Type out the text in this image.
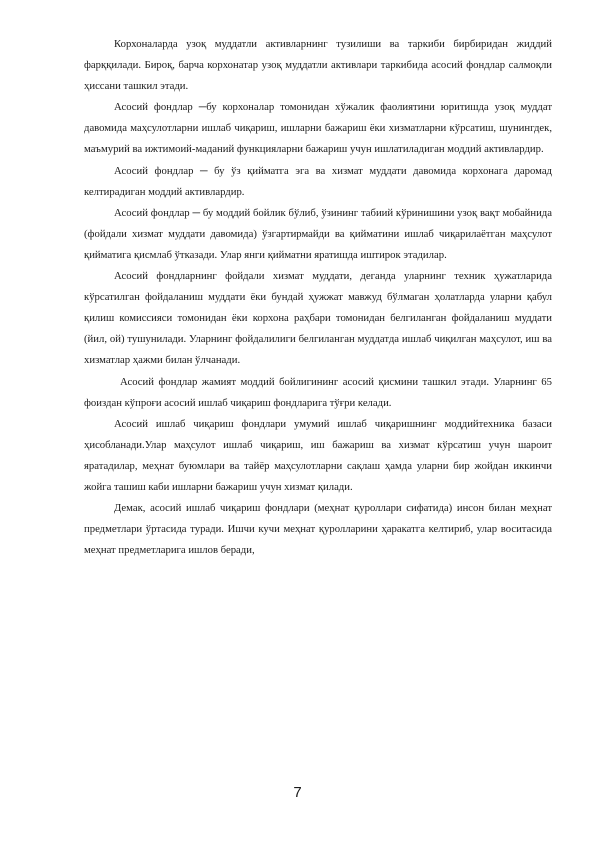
Корхоналарда узоқ муддатли активларнинг тузилиши ва таркиби бирбиридан жиддий фарққилади. Бироқ, барча корхонатар узоқ муддатли активлари таркибида асосий фондлар салмоқли ҳиссани ташкил этади.

Асосий фондлар ─бу корхоналар томонидан хўжалик фаолиятини юритишда узоқ муддат давомида маҳсулотларни ишлаб чиқариш, ишларни бажариш ёки хизматларни кўрсатиш, шунингдек, маъмурий ва ижтимоий-маданий функцияларни бажариш учун ишлатиладиган моддий активлардир.

Асосий фондлар ─ бу ўз қийматга эга ва хизмат муддати давомида корхонага даромад келтирадиган моддий активлардир.

Асосий фондлар ─ бу моддий бойлик бўлиб, ўзининг табиий кўринишини узоқ вақт мобайнида (фойдали хизмат муддати давомида) ўзгартирмайди ва қийматини ишлаб чиқарилаётган маҳсулот қийматига қисмлаб ўтказади. Улар янги қийматни яратишда иштирок этадилар.

Асосий фондларнинг фойдали хизмат муддати, деганда уларнинг техник ҳужатларида кўрсатилган фойдаланиш муддати ёки бундай ҳужжат мавжуд бўлмаган ҳолатларда уларни қабул қилиш комиссияси томонидан ёки корхона раҳбари томонидан белгиланган фойдаланиш муддати (йил, ой) тушунилади. Уларнинг фойдалилиги белгиланган муддатда ишлаб чиқилган маҳсулот, иш ва хизматлар ҳажми билан ўлчанади.

Асосий фондлар жамият моддий бойлигининг асосий қисмини ташкил этади. Уларнинг 65 фоиздан кўпроғи асосий ишлаб чиқариш фондларига тўғри келади.

Асосий ишлаб чиқариш фондлари умумий ишлаб чиқаришнинг моддийтехника базаси ҳисобланади.Улар маҳсулот ишлаб чиқариш, иш бажариш ва хизмат кўрсатиш учун шароит яратадилар, меҳнат буюмлари ва тайёр маҳсулотларни сақлаш ҳамда уларни бир жойдан иккинчи жойга ташиш каби ишларни бажариш учун хизмат қилади.

Демак, асосий ишлаб чиқариш фондлари (меҳнат қуроллари сифатида) инсон билан меҳнат предметлари ўртасида туради. Ишчи кучи меҳнат қуролларини ҳаракатга келтириб, улар воситасида меҳнат предметларига ишлов беради,

7
